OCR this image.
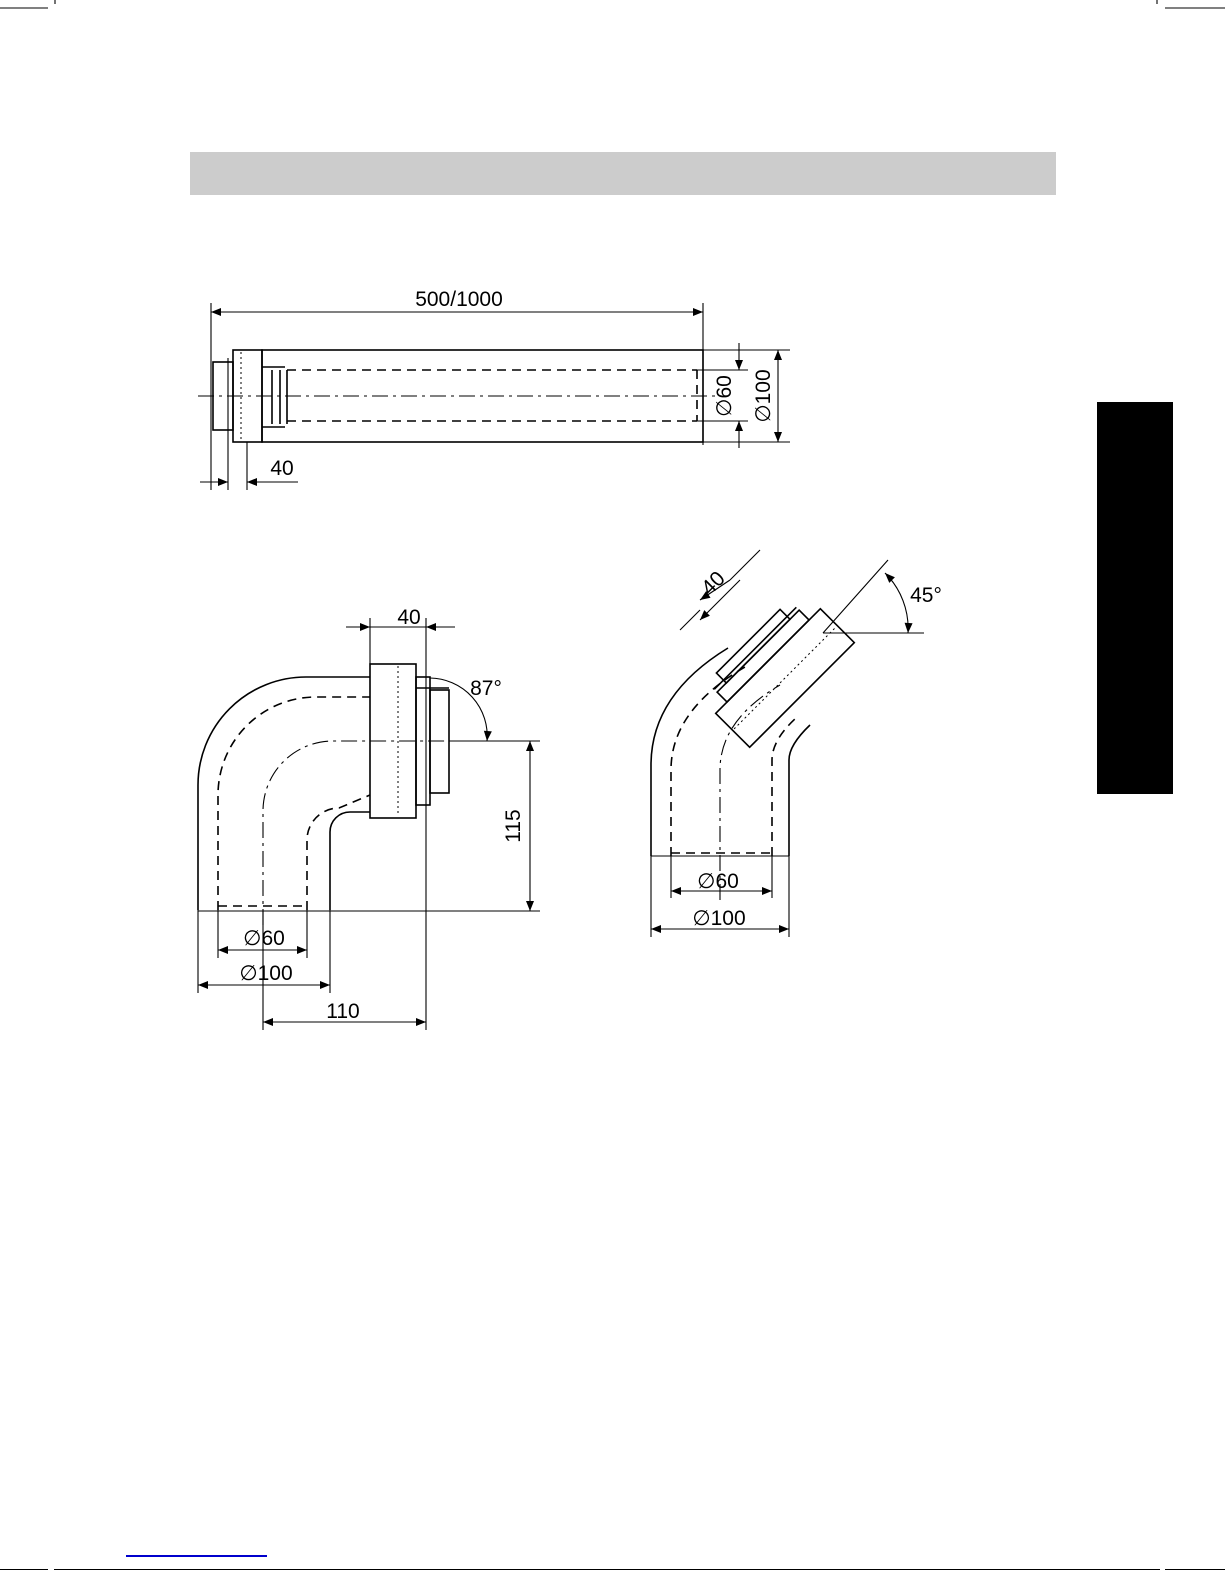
500/1000
∅60 ∅100
40
40
87°
115
∅60
∅100
110
40	45°
∅60
∅100
